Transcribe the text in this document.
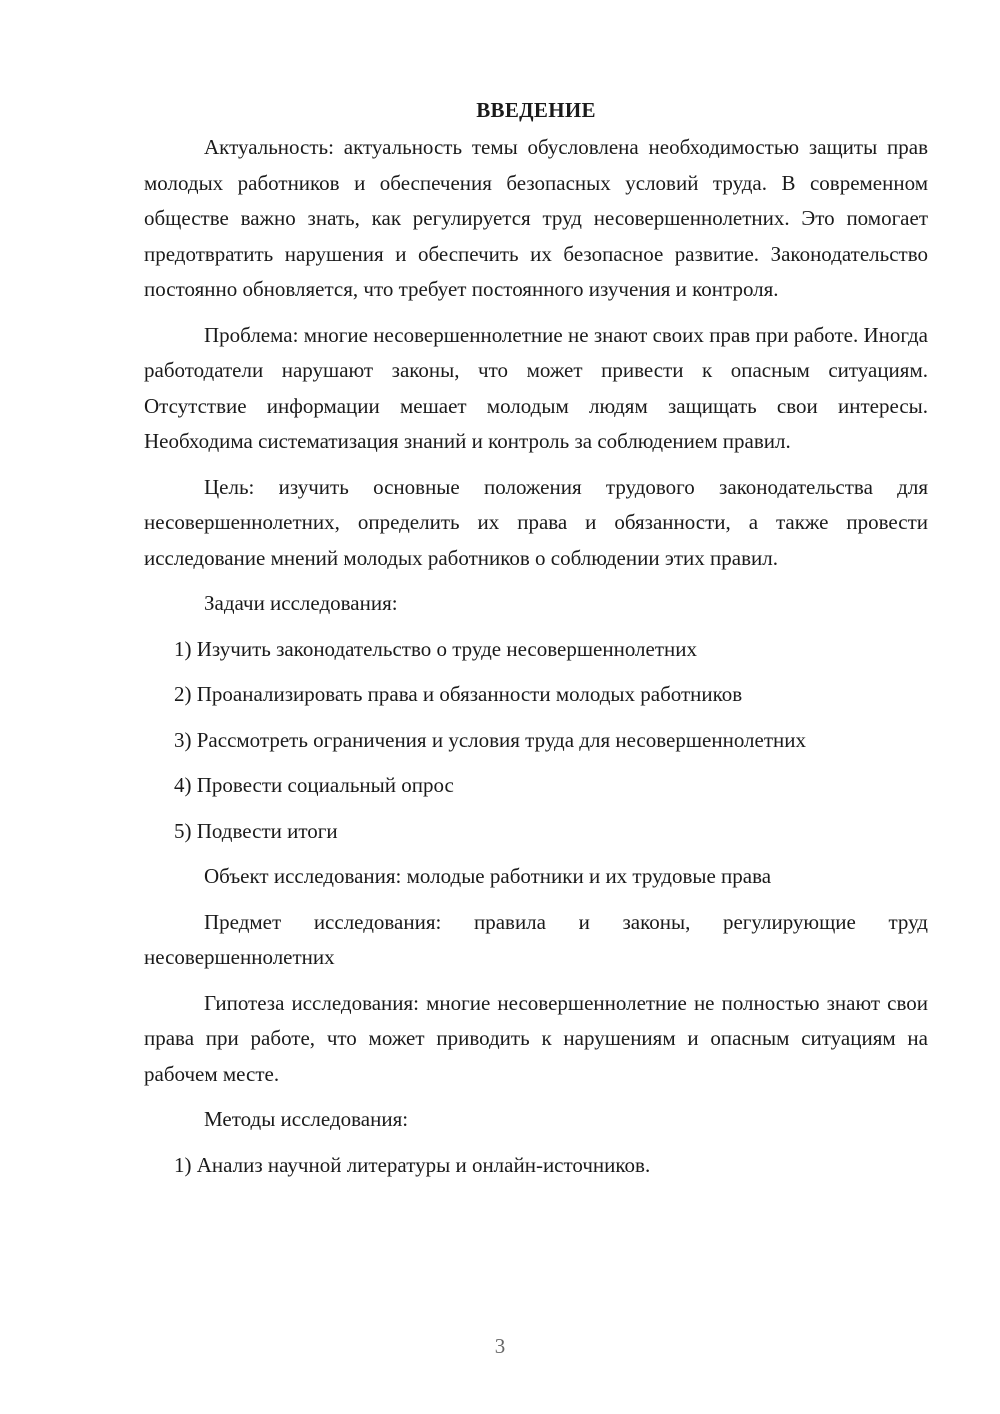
ВВЕДЕНИЕ

Актуальность: актуальность темы обусловлена необходимостью защиты прав молодых работников и обеспечения безопасных условий труда. В современном обществе важно знать, как регулируется труд несовершеннолетних. Это помогает предотвратить нарушения и обеспечить их безопасное развитие. Законодательство постоянно обновляется, что требует постоянного изучения и контроля.

Проблема: многие несовершеннолетние не знают своих прав при работе. Иногда работодатели нарушают законы, что может привести к опасным ситуациям. Отсутствие информации мешает молодым людям защищать свои интересы. Необходима систематизация знаний и контроль за соблюдением правил.

Цель: изучить основные положения трудового законодательства для несовершеннолетних, определить их права и обязанности, а также провести исследование мнений молодых работников о соблюдении этих правил.

Задачи исследования:
1) Изучить законодательство о труде несовершеннолетних
2) Проанализировать права и обязанности молодых работников
3) Рассмотреть ограничения и условия труда для несовершеннолетних
4) Провести социальный опрос
5) Подвести итоги

Объект исследования: молодые работники и их трудовые права

Предмет исследования: правила и законы, регулирующие труд несовершеннолетних

Гипотеза исследования: многие несовершеннолетние не полностью знают свои права при работе, что может приводить к нарушениям и опасным ситуациям на рабочем месте.

Методы исследования:
1) Анализ научной литературы и онлайн-источников.
3
